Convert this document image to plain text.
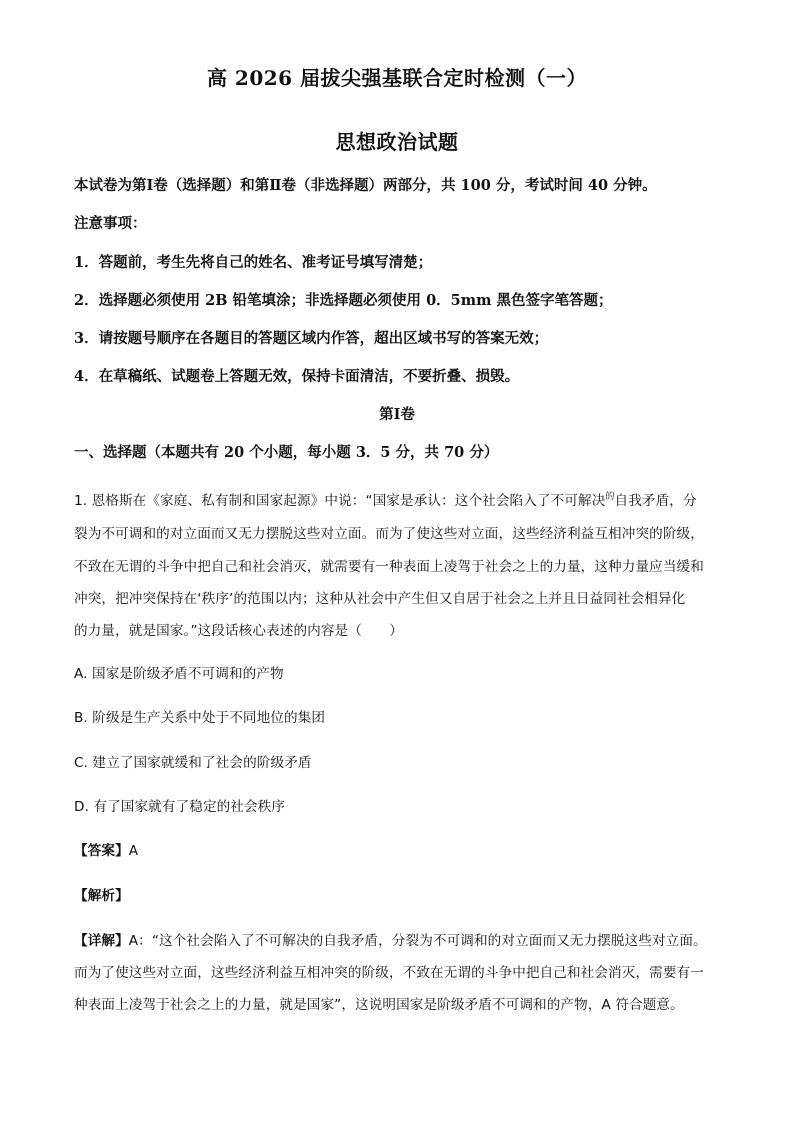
高 2026 届拔尖强基联合定时检测（一）
思想政治试题
本试卷为第Ⅰ卷（选择题）和第Ⅱ卷（非选择题）两部分，共 100 分，考试时间 40 分钟。
注意事项：
1．答题前，考生先将自己的姓名、准考证号填写清楚；
2．选择题必须使用 2B 铅笔填涂；非选择题必须使用 0．5mm 黑色签字笔答题；
3．请按题号顺序在各题目的答题区域内作答，超出区域书写的答案无效；
4．在草稿纸、试题卷上答题无效，保持卡面清洁，不要折叠、损毁。
第Ⅰ卷
一、选择题（本题共有 20 个小题，每小题 3．5 分，共 70 分）
1. 恩格斯在《家庭、私有制和国家起源》中说：“国家是承认：这个社会陷入了不可解决$^的$自我矛盾，分
裂为不可调和的对立面而又无力摆脱这些对立面。而为了使这些对立面，这些经济利益互相冲突的阶级，
不致在无谓的斗争中把自己和社会消灭，就需要有一种表面上凌驾于社会之上的力量，这种力量应当缓和
冲突，把冲突保持在‘秩序’的范围以内；这种从社会中产生但又自居于社会之上并且日益同社会相异化
的力量，就是国家。”这段话核心表述的内容是（　　）
A. 国家是阶级矛盾不可调和的产物
B. 阶级是生产关系中处于不同地位的集团
C. 建立了国家就缓和了社会的阶级矛盾
D. 有了国家就有了稳定的社会秩序
【答案】A
【解析】
【详解】A：“这个社会陷入了不可解决的自我矛盾，分裂为不可调和的对立面而又无力摆脱这些对立面。
而为了使这些对立面，这些经济利益互相冲突的阶级，不致在无谓的斗争中把自己和社会消灭，需要有一
种表面上凌驾于社会之上的力量，就是国家”，这说明国家是阶级矛盾不可调和的产物，A 符合题意。
